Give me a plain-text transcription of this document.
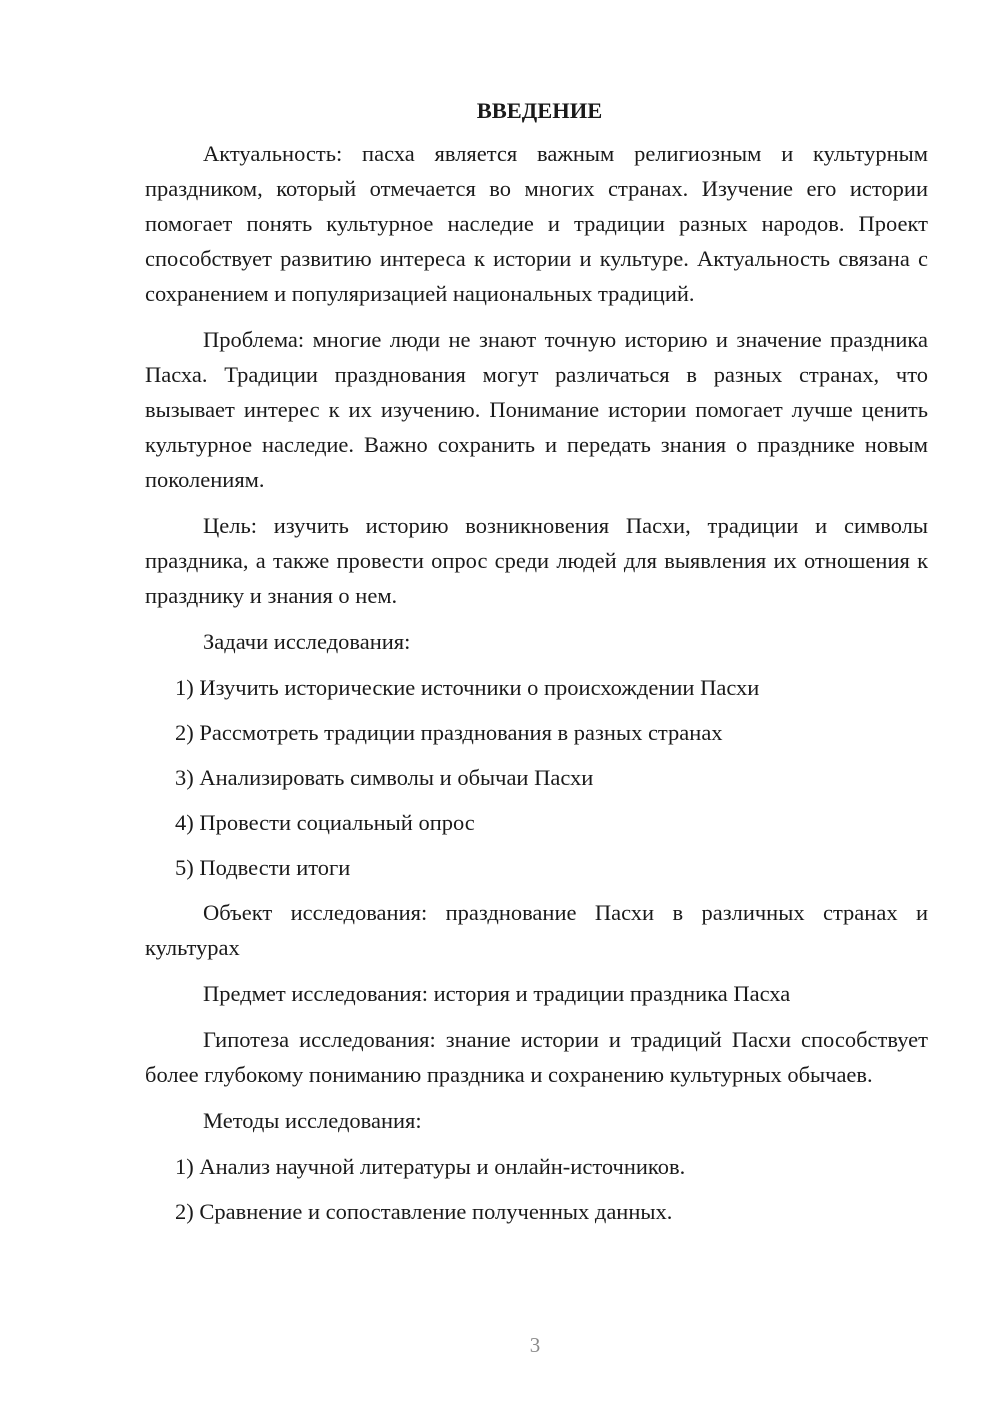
ВВЕДЕНИЕ

Актуальность: пасха является важным религиозным и культурным праздником, который отмечается во многих странах. Изучение его истории помогает понять культурное наследие и традиции разных народов. Проект способствует развитию интереса к истории и культуре. Актуальность связана с сохранением и популяризацией национальных традиций.

Проблема: многие люди не знают точную историю и значение праздника Пасха. Традиции празднования могут различаться в разных странах, что вызывает интерес к их изучению. Понимание истории помогает лучше ценить культурное наследие. Важно сохранить и передать знания о празднике новым поколениям.

Цель: изучить историю возникновения Пасхи, традиции и символы праздника, а также провести опрос среди людей для выявления их отношения к празднику и знания о нем.

Задачи исследования:

1) Изучить исторические источники о происхождении Пасхи

2) Рассмотреть традиции празднования в разных странах

3) Анализировать символы и обычаи Пасхи

4) Провести социальный опрос

5) Подвести итоги

Объект исследования: празднование Пасхи в различных странах и культурах

Предмет исследования: история и традиции праздника Пасха

Гипотеза исследования: знание истории и традиций Пасхи способствует более глубокому пониманию праздника и сохранению культурных обычаев.

Методы исследования:

1) Анализ научной литературы и онлайн-источников.

2) Сравнение и сопоставление полученных данных.

3
